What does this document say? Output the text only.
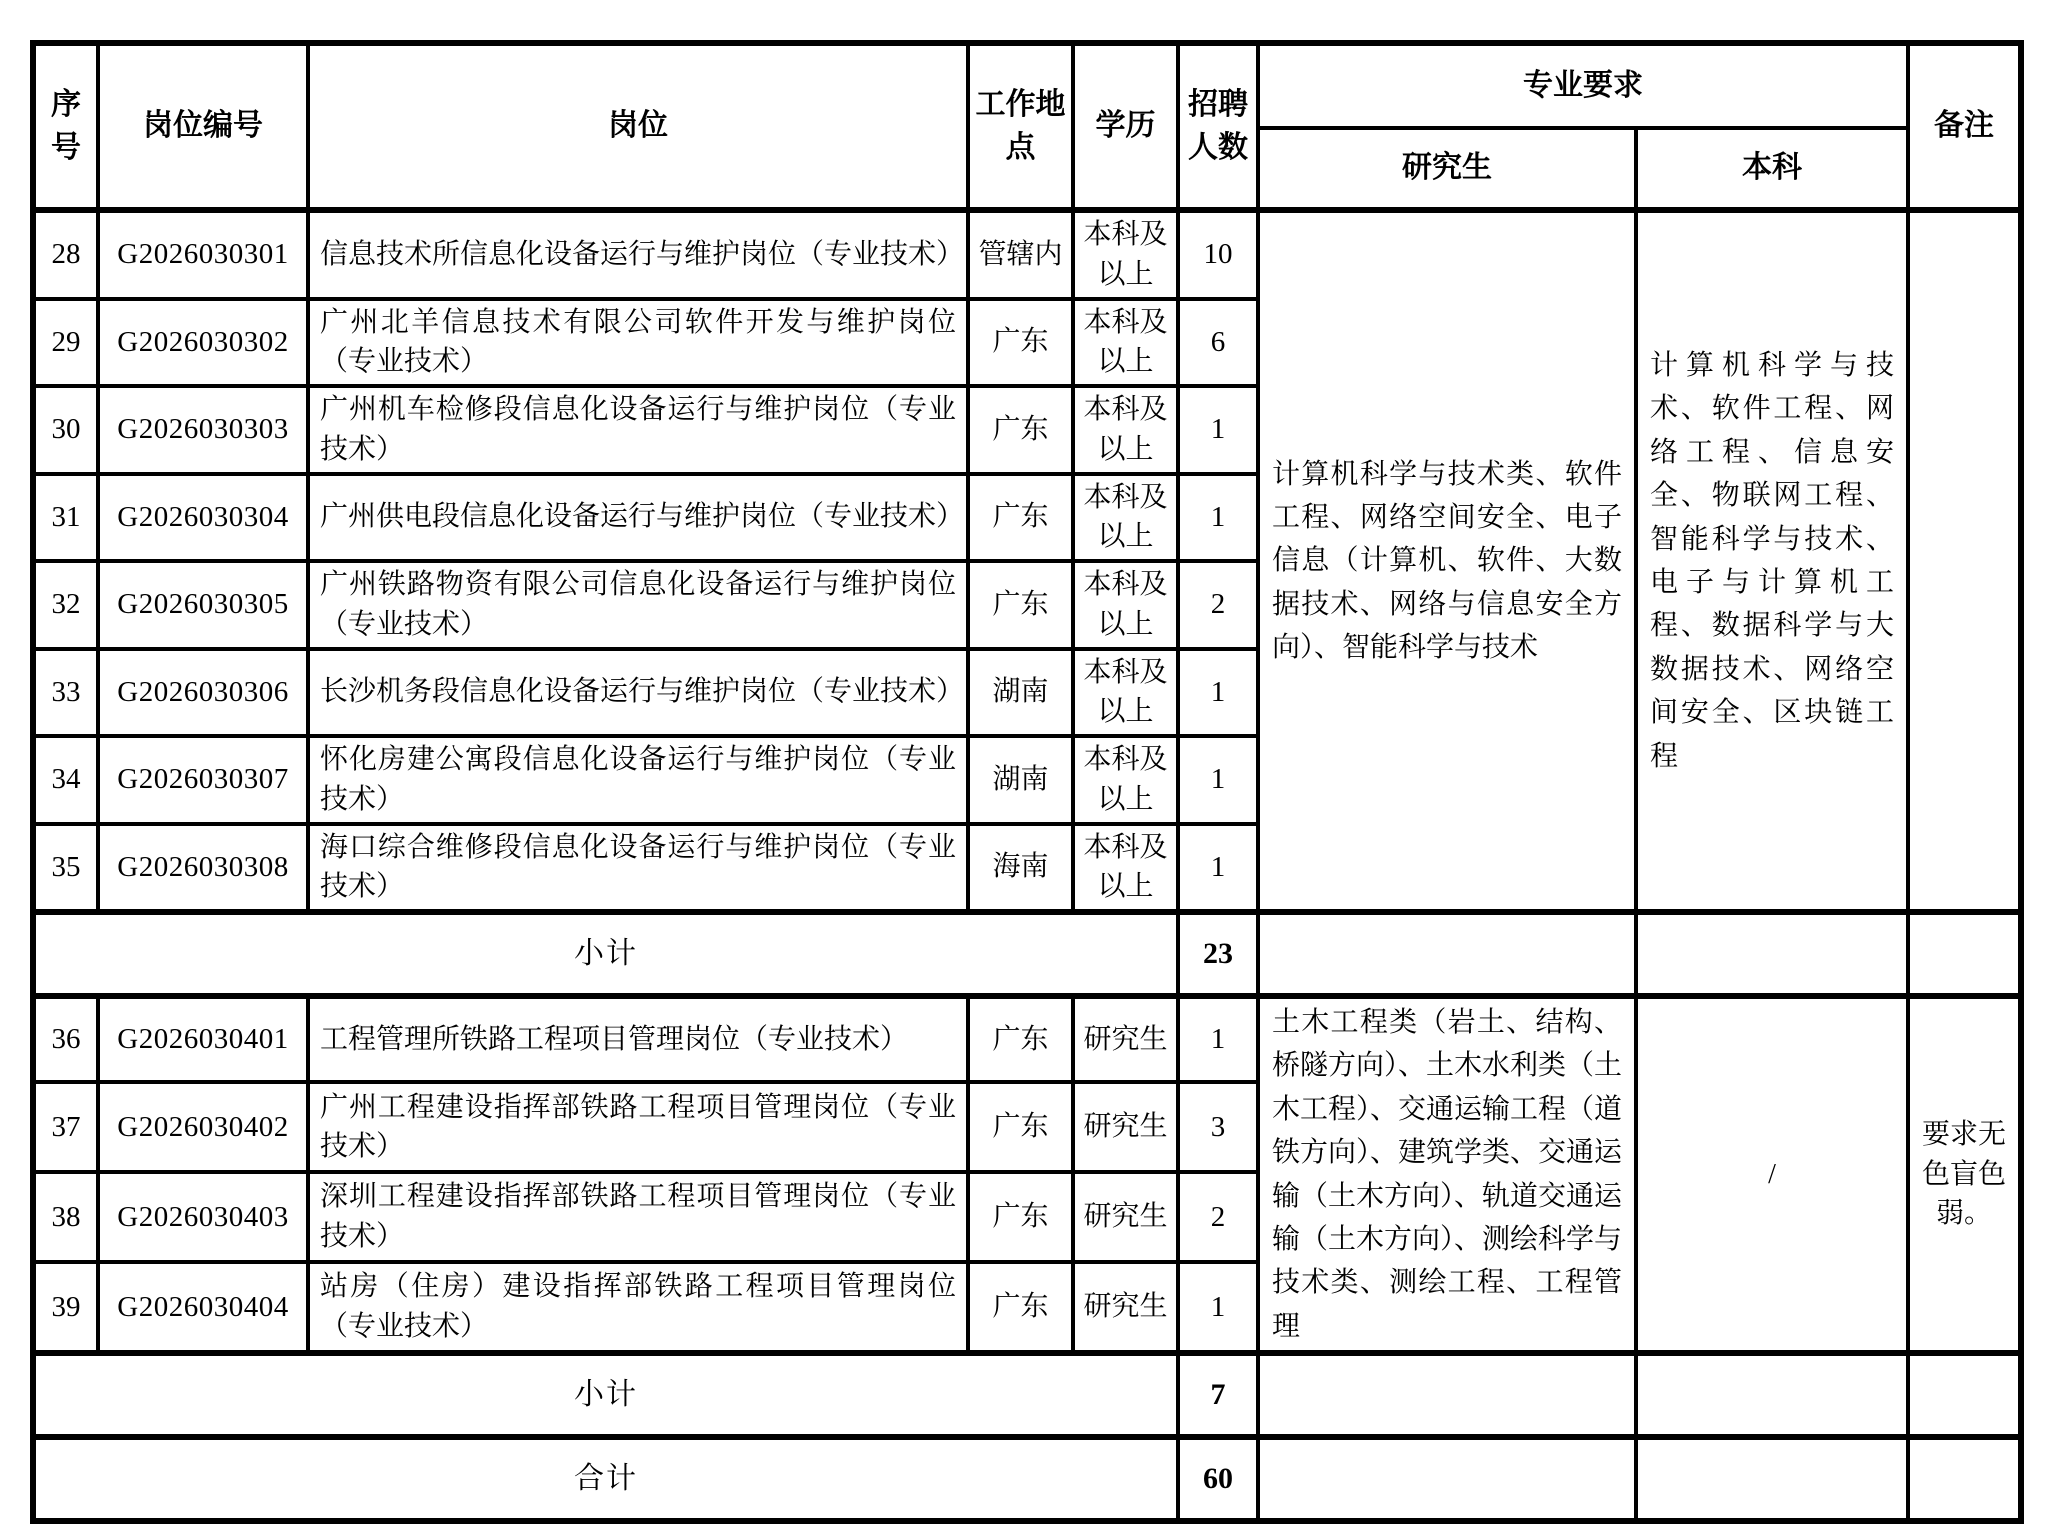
序号	岗位编号	岗位	工作地点	学历	招聘人数	专业要求		备注
						研究生	本科	
28	G2026030301	信息技术所信息化设备运行与维护岗位（专业技术）	管辖内	本科及以上	10	计算机科学与技术类、软件工程、网络空间安全、电子信息（计算机、软件、大数据技术、网络与信息安全方向）、智能科学与技术	计算机科学与技术、软件工程、网络工程、信息安全、物联网工程、智能科学与技术、电子与计算机工程、数据科学与大数据技术、网络空间安全、区块链工程	
29	G2026030302	广州北羊信息技术有限公司软件开发与维护岗位（专业技术）	广东	本科及以上	6			
30	G2026030303	广州机车检修段信息化设备运行与维护岗位（专业技术）	广东	本科及以上	1			
31	G2026030304	广州供电段信息化设备运行与维护岗位（专业技术）	广东	本科及以上	1			
32	G2026030305	广州铁路物资有限公司信息化设备运行与维护岗位（专业技术）	广东	本科及以上	2			
33	G2026030306	长沙机务段信息化设备运行与维护岗位（专业技术）	湖南	本科及以上	1			
34	G2026030307	怀化房建公寓段信息化设备运行与维护岗位（专业技术）	湖南	本科及以上	1			
35	G2026030308	海口综合维修段信息化设备运行与维护岗位（专业技术）	海南	本科及以上	1			
小计					23			
36	G2026030401	工程管理所铁路工程项目管理岗位（专业技术）	广东	研究生	1	土木工程类（岩土、结构、桥隧方向）、土木水利类（土木工程）、交通运输工程（道铁方向）、建筑学类、交通运输（土木方向）、轨道交通运输（土木方向）、测绘科学与技术类、测绘工程、工程管理	/	要求无色盲色弱。
37	G2026030402	广州工程建设指挥部铁路工程项目管理岗位（专业技术）	广东	研究生	3			
38	G2026030403	深圳工程建设指挥部铁路工程项目管理岗位（专业技术）	广东	研究生	2			
39	G2026030404	站房（住房）建设指挥部铁路工程项目管理岗位（专业技术）	广东	研究生	1			
小计					7			
合计					60			
